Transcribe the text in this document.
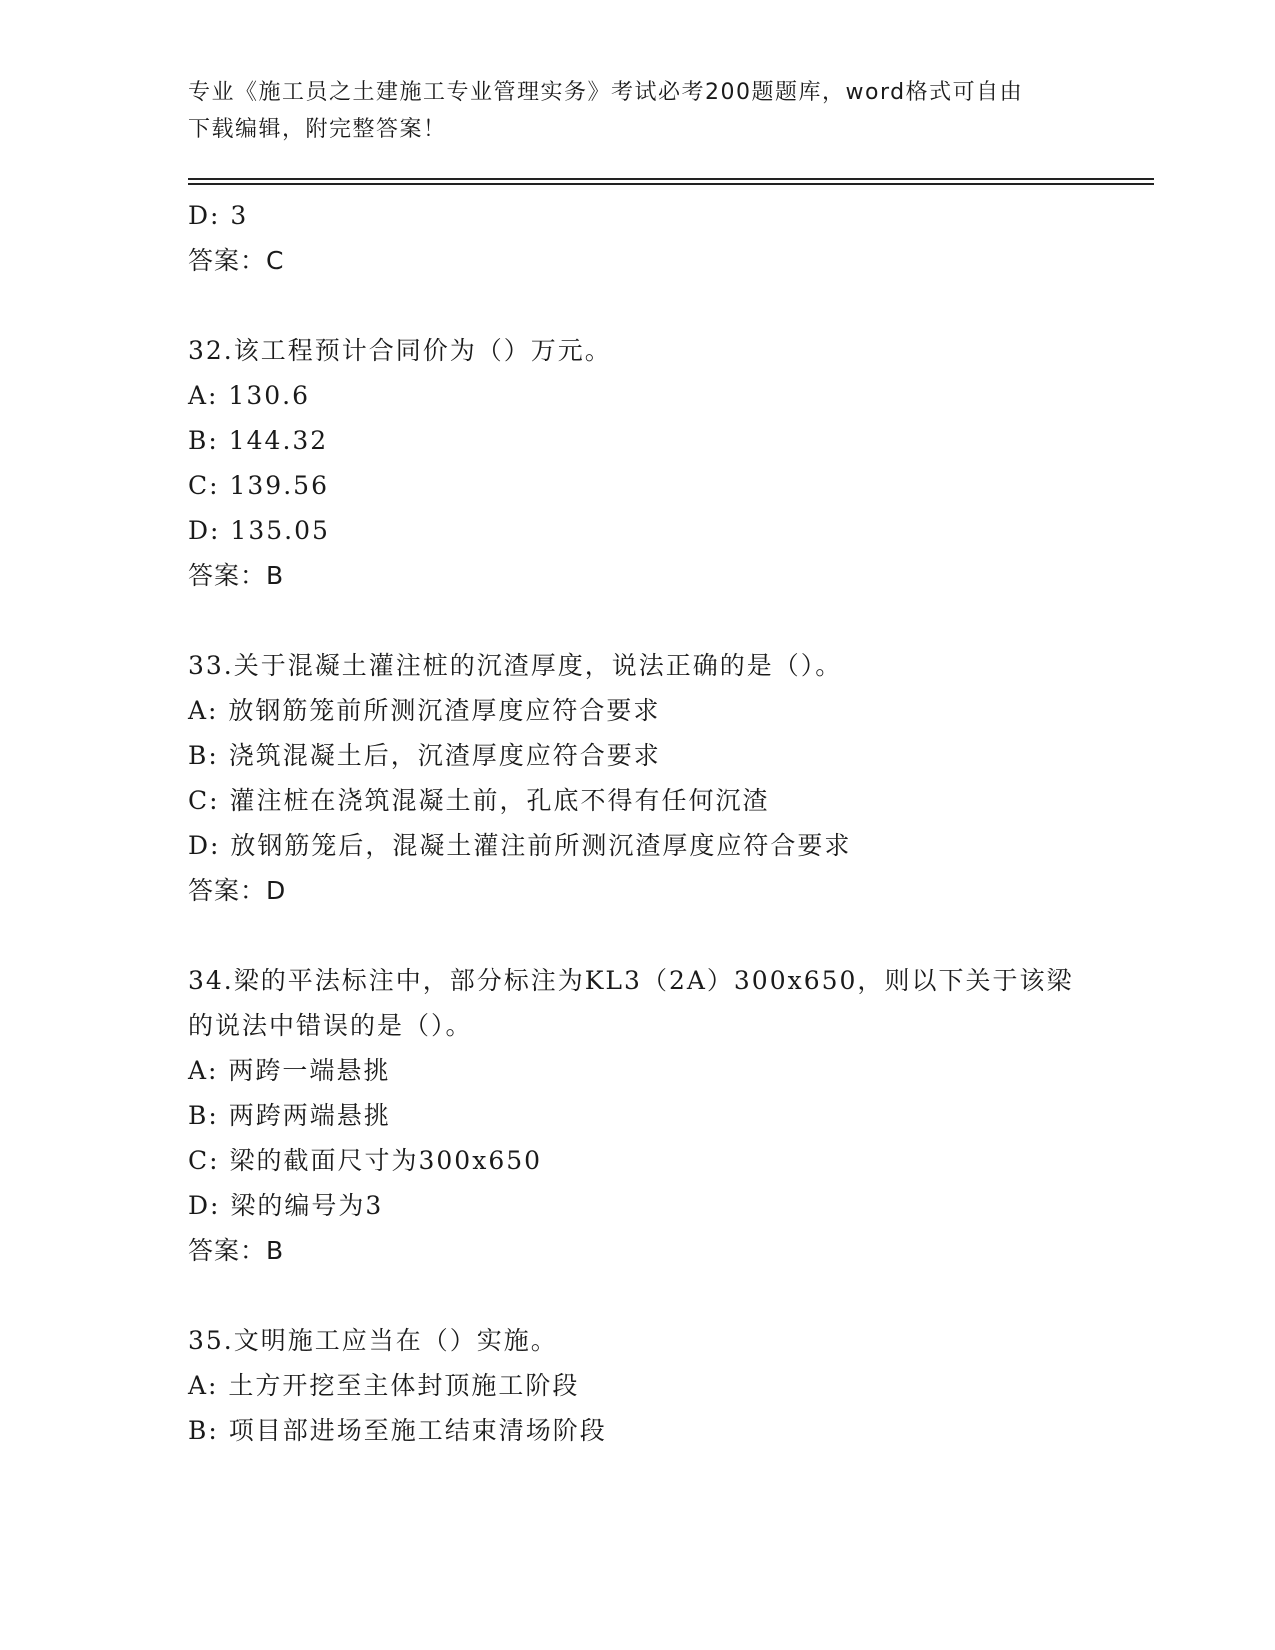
专业《施工员之土建施工专业管理实务》考试必考200题题库，word格式可自由
下载编辑，附完整答案！
D: 3
答案：C
32.该工程预计合同价为（）万元。
A: 130.6
B: 144.32
C: 139.56
D: 135.05
答案：B
33.关于混凝土灌注桩的沉渣厚度，说法正确的是（）。
A: 放钢筋笼前所测沉渣厚度应符合要求
B: 浇筑混凝土后，沉渣厚度应符合要求
C: 灌注桩在浇筑混凝土前，孔底不得有任何沉渣
D: 放钢筋笼后，混凝土灌注前所测沉渣厚度应符合要求
答案：D
34.梁的平法标注中，部分标注为KL3（2A）300x650，则以下关于该梁
的说法中错误的是（）。
A: 两跨一端悬挑
B: 两跨两端悬挑
C: 梁的截面尺寸为300x650
D: 梁的编号为3
答案：B
35.文明施工应当在（）实施。
A: 土方开挖至主体封顶施工阶段
B: 项目部进场至施工结束清场阶段
